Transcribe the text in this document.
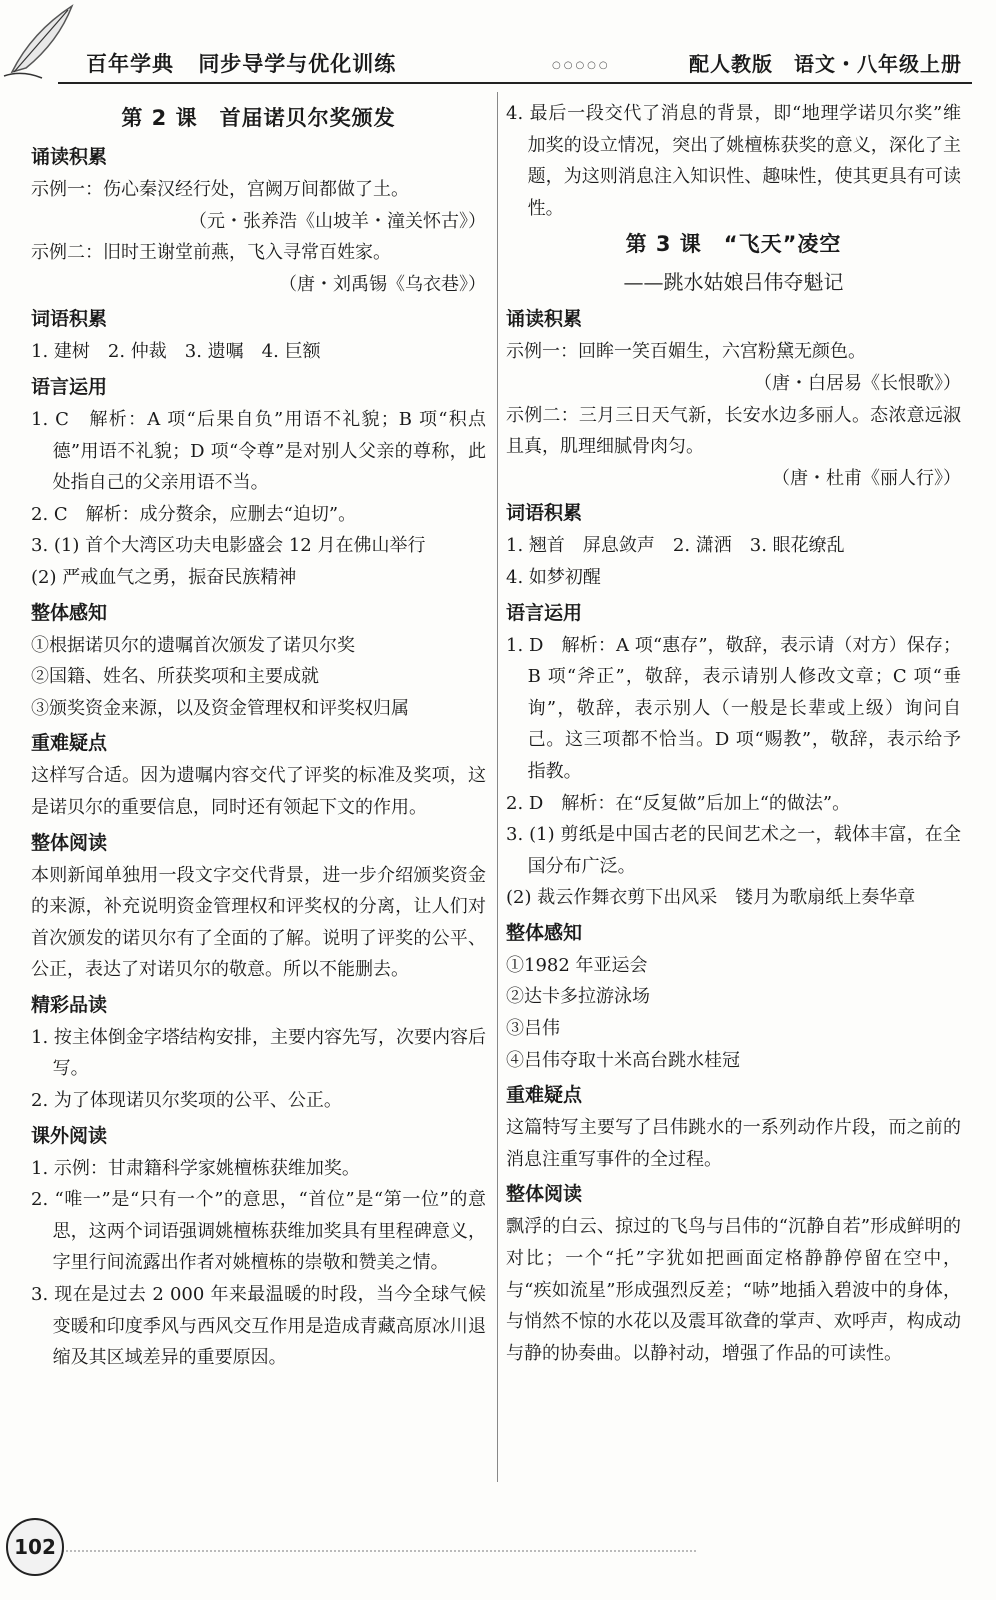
百年学典 同步导学与优化训练	○○○○○	配人教版　语文・八年级上册

第 2 课　首届诺贝尔奖颁发

诵读积累

示例一：伤心秦汉经行处，宫阙万间都做了土。

（元・张养浩《山坡羊・潼关怀古》）

示例二：旧时王谢堂前燕，飞入寻常百姓家。

（唐・刘禹锡《乌衣巷》）

词语积累

1. 建树　2. 仲裁　3. 遗嘱　4. 巨额

语言运用

1. C　解析：A 项“后果自负”用语不礼貌；B 项“积点德”用语不礼貌；D 项“令尊”是对别人父亲的尊称，此处指自己的父亲用语不当。

2. C　解析：成分赘余，应删去“迫切”。

3. (1) 首个大湾区功夫电影盛会 12 月在佛山举行

(2) 严戒血气之勇，振奋民族精神

整体感知

①根据诺贝尔的遗嘱首次颁发了诺贝尔奖

②国籍、姓名、所获奖项和主要成就

③颁奖资金来源，以及资金管理权和评奖权归属

重难疑点

这样写合适。因为遗嘱内容交代了评奖的标准及奖项，这是诺贝尔的重要信息，同时还有领起下文的作用。

整体阅读

本则新闻单独用一段文字交代背景，进一步介绍颁奖资金的来源，补充说明资金管理权和评奖权的分离，让人们对首次颁发的诺贝尔有了全面的了解。说明了评奖的公平、公正，表达了对诺贝尔的敬意。所以不能删去。

精彩品读

1. 按主体倒金字塔结构安排，主要内容先写，次要内容后写。

2. 为了体现诺贝尔奖项的公平、公正。

课外阅读

1. 示例：甘肃籍科学家姚檀栋获维加奖。

2. “唯一”是“只有一个”的意思，“首位”是“第一位”的意思，这两个词语强调姚檀栋获维加奖具有里程碑意义，字里行间流露出作者对姚檀栋的崇敬和赞美之情。

3. 现在是过去 2 000 年来最温暖的时段，当今全球气候变暖和印度季风与西风交互作用是造成青藏高原冰川退缩及其区域差异的重要原因。

4. 最后一段交代了消息的背景，即“地理学诺贝尔奖”维加奖的设立情况，突出了姚檀栋获奖的意义，深化了主题，为这则消息注入知识性、趣味性，使其更具有可读性。

第 3 课　“飞天”凌空

——跳水姑娘吕伟夺魁记

诵读积累

示例一：回眸一笑百媚生，六宫粉黛无颜色。

（唐・白居易《长恨歌》）

示例二：三月三日天气新，长安水边多丽人。态浓意远淑且真，肌理细腻骨肉匀。

（唐・杜甫《丽人行》）

词语积累

1. 翘首　屏息敛声　2. 潇洒　3. 眼花缭乱

4. 如梦初醒

语言运用

1. D　解析：A 项“惠存”，敬辞，表示请（对方）保存；B 项“斧正”，敬辞，表示请别人修改文章；C 项“垂询”，敬辞，表示别人（一般是长辈或上级）询问自己。这三项都不恰当。D 项“赐教”，敬辞，表示给予指教。

2. D　解析：在“反复做”后加上“的做法”。

3. (1) 剪纸是中国古老的民间艺术之一，载体丰富，在全国分布广泛。

(2) 裁云作舞衣剪下出风采　镂月为歌扇纸上奏华章

整体感知

①1982 年亚运会

②达卡多拉游泳场

③吕伟

④吕伟夺取十米高台跳水桂冠

重难疑点

这篇特写主要写了吕伟跳水的一系列动作片段，而之前的消息注重写事件的全过程。

整体阅读

飘浮的白云、掠过的飞鸟与吕伟的“沉静自若”形成鲜明的对比；一个“托”字犹如把画面定格静静停留在空中，与“疾如流星”形成强烈反差；“哧”地插入碧波中的身体，与悄然不惊的水花以及震耳欲聋的掌声、欢呼声，构成动与静的协奏曲。以静衬动，增强了作品的可读性。

102
